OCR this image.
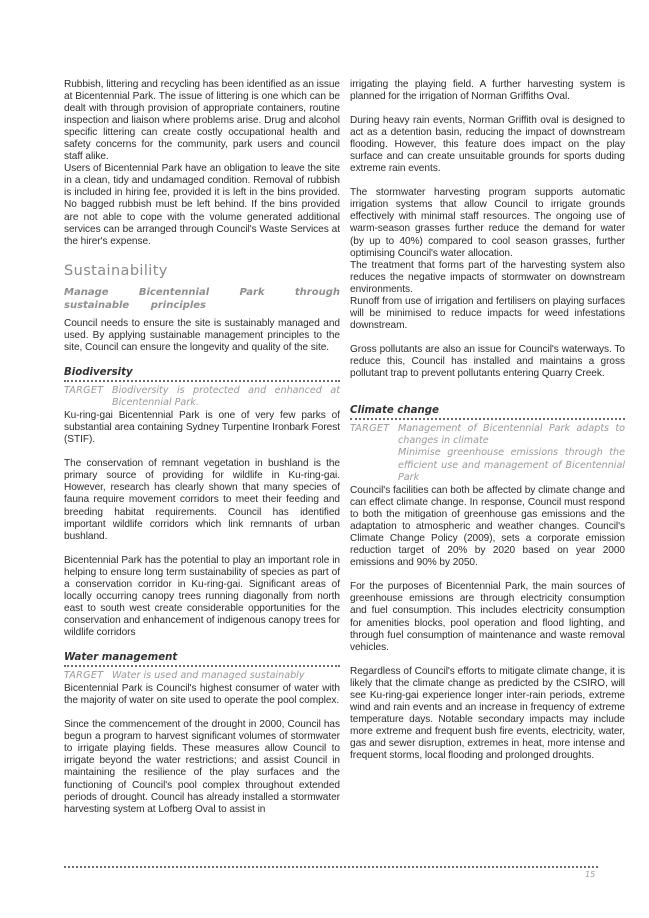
Rubbish, littering and recycling has been identified as an issue at Bicentennial Park. The issue of littering is one which can be dealt with through provision of appropriate containers, routine inspection and liaison where problems arise. Drug and alcohol specific littering can create costly occupational health and safety concerns for the community, park users and council staff alike.

Users of Bicentennial Park have an obligation to leave the site in a clean, tidy and undamaged condition. Removal of rubbish is included in hiring fee, provided it is left in the bins provided. No bagged rubbish must be left behind. If the bins provided are not able to cope with the volume generated additional services can be arranged through Council's Waste Services at the hirer's expense.

Sustainability
Manage Bicentennial Park through sustainable principles

Council needs to ensure the site is sustainably managed and used. By applying sustainable management principles to the site, Council can ensure the longevity and quality of the site.

Biodiversity
TARGET Biodiversity is protected and enhanced at Bicentennial Park.

Ku-ring-gai Bicentennial Park is one of very few parks of substantial area containing Sydney Turpentine Ironbark Forest (STIF).

The conservation of remnant vegetation in bushland is the primary source of providing for wildlife in Ku-ring-gai. However, research has clearly shown that many species of fauna require movement corridors to meet their feeding and breeding habitat requirements. Council has identified important wildlife corridors which link remnants of urban bushland.

Bicentennial Park has the potential to play an important role in helping to ensure long term sustainability of species as part of a conservation corridor in Ku-ring-gai. Significant areas of locally occurring canopy trees running diagonally from north east to south west create considerable opportunities for the conservation and enhancement of indigenous canopy trees for wildlife corridors

Water management
TARGET Water is used and managed sustainably

Bicentennial Park is Council's highest consumer of water with the majority of water on site used to operate the pool complex.

Since the commencement of the drought in 2000, Council has begun a program to harvest significant volumes of stormwater to irrigate playing fields. These measures allow Council to irrigate beyond the water restrictions; and assist Council in maintaining the resilience of the play surfaces and the functioning of Council's pool complex throughout extended periods of drought. Council has already installed a stormwater harvesting system at Lofberg Oval to assist in

irrigating the playing field. A further harvesting system is planned for the irrigation of Norman Griffiths Oval.

During heavy rain events, Norman Griffith oval is designed to act as a detention basin, reducing the impact of downstream flooding. However, this feature does impact on the play surface and can create unsuitable grounds for sports duding extreme rain events.

The stormwater harvesting program supports automatic irrigation systems that allow Council to irrigate grounds effectively with minimal staff resources. The ongoing use of warm-season grasses further reduce the demand for water (by up to 40%) compared to cool season grasses, further optimising Council's water allocation.

The treatment that forms part of the harvesting system also reduces the negative impacts of stormwater on downstream environments.

Runoff from use of irrigation and fertilisers on playing surfaces will be minimised to reduce impacts for weed infestations downstream.

Gross pollutants are also an issue for Council's waterways. To reduce this, Council has installed and maintains a gross pollutant trap to prevent pollutants entering Quarry Creek.

Climate change
TARGET Management of Bicentennial Park adapts to changes in climate
Minimise greenhouse emissions through the efficient use and management of Bicentennial Park

Council's facilities can both be affected by climate change and can effect climate change. In response, Council must respond to both the mitigation of greenhouse gas emissions and the adaptation to atmospheric and weather changes. Council's Climate Change Policy (2009), sets a corporate emission reduction target of 20% by 2020 based on year 2000 emissions and 90% by 2050.

For the purposes of Bicentennial Park, the main sources of greenhouse emissions are through electricity consumption and fuel consumption. This includes electricity consumption for amenities blocks, pool operation and flood lighting, and through fuel consumption of maintenance and waste removal vehicles.

Regardless of Council's efforts to mitigate climate change, it is likely that the climate change as predicted by the CSIRO, will see Ku-ring-gai experience longer inter-rain periods, extreme wind and rain events and an increase in frequency of extreme temperature days. Notable secondary impacts may include more extreme and frequent bush fire events, electricity, water, gas and sewer disruption, extremes in heat, more intense and frequent storms, local flooding and prolonged droughts.

15
